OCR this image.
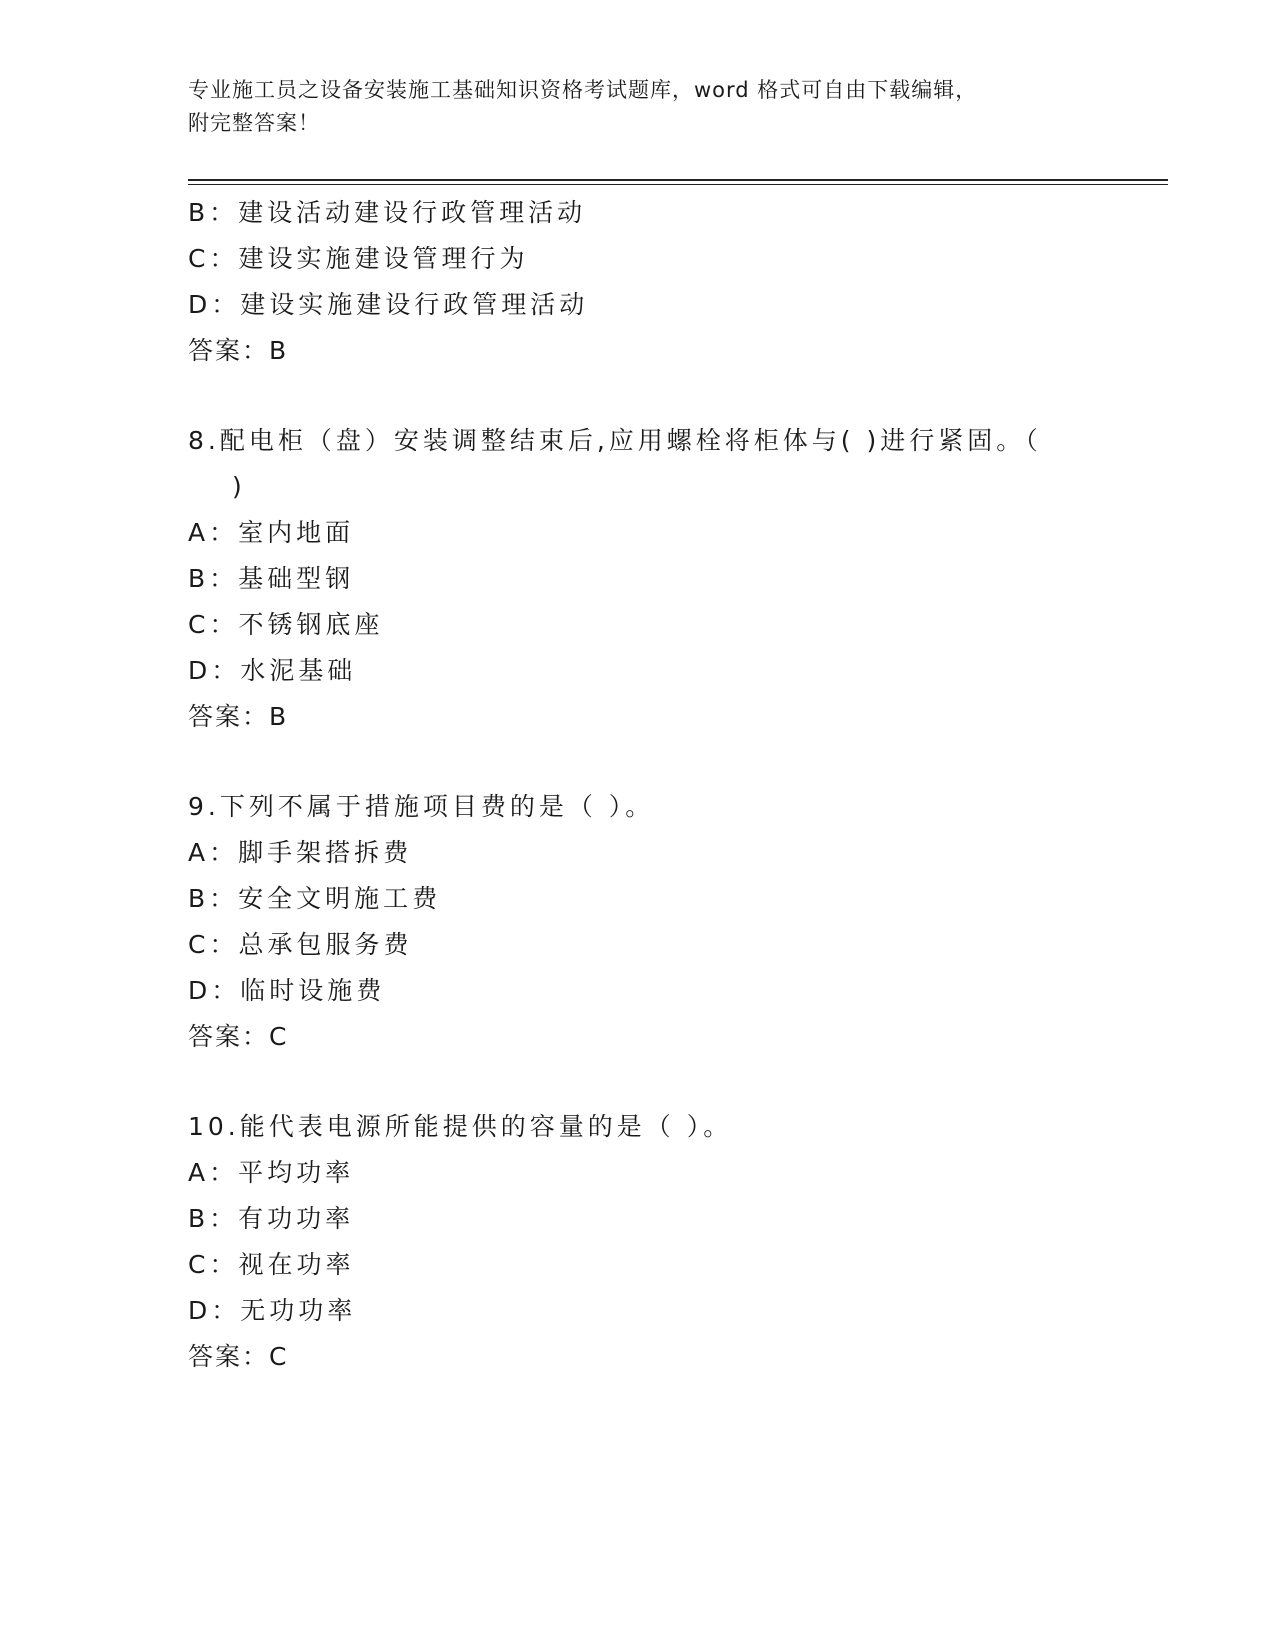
专业施工员之设备安装施工基础知识资格考试题库，word 格式可自由下载编辑，
附完整答案！
B：建设活动建设行政管理活动
C：建设实施建设管理行为
D：建设实施建设行政管理活动
答案：B
8.配电柜（盘）安装调整结束后,应用螺栓将柜体与( )进行紧固。（
)
A：室内地面
B：基础型钢
C：不锈钢底座
D：水泥基础
答案：B
9.下列不属于措施项目费的是（ ）。
A：脚手架搭拆费
B：安全文明施工费
C：总承包服务费
D：临时设施费
答案：C
10.能代表电源所能提供的容量的是（ ）。
A：平均功率
B：有功功率
C：视在功率
D：无功功率
答案：C
